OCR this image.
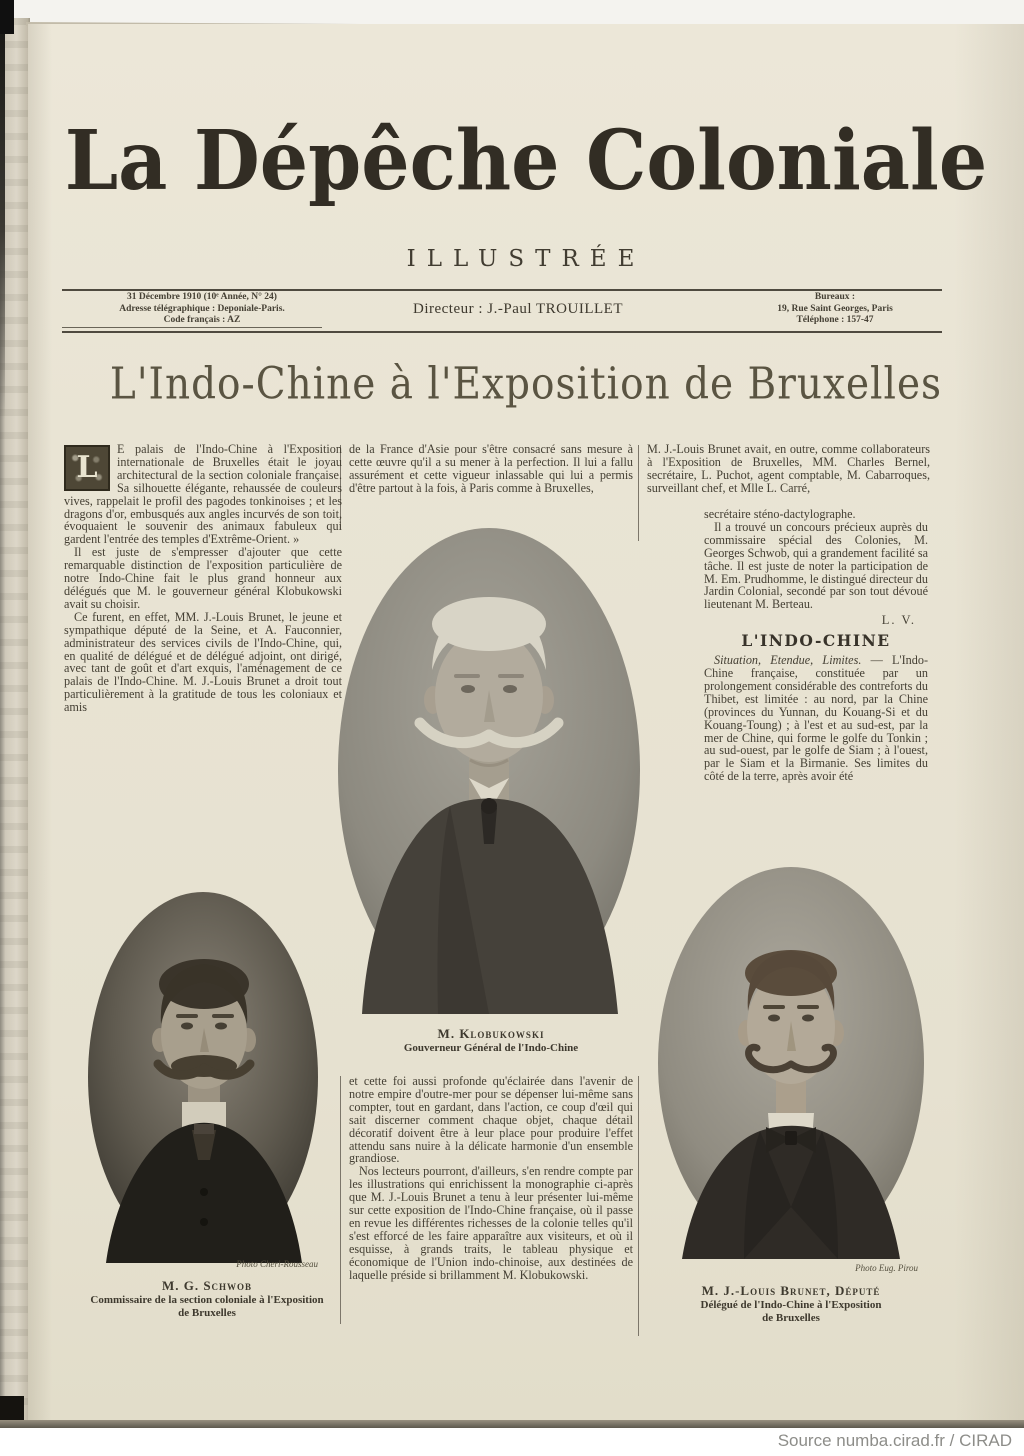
La Dépêche Coloniale
ILLUSTRÉE
31 Décembre 1910 (10ᵉ Année, N° 24)
Adresse télégraphique : Deponiale-Paris.
Code français : AZ
Directeur : J.-Paul TROUILLET
Bureaux :
19, Rue Saint Georges, Paris
Téléphone : 157-47
L'Indo-Chine à l'Exposition de Bruxelles

L
E palais de l'Indo-Chine à l'Exposition internationale de Bruxelles était le joyau architectural de la section coloniale française. Sa silhouette élégante, rehaussée de couleurs vives, rappelait le profil des pagodes tonkinoises ; et les dragons d'or, embusqués aux angles incurvés de son toit, évoquaient le souvenir des animaux fabuleux qui gardent l'entrée des temples d'Extrême-Orient. »

Il est juste de s'empresser d'ajouter que cette remarquable distinction de l'exposition particulière de notre Indo-Chine fait le plus grand honneur aux délégués que M. le gouverneur général Klobukowski avait su choisir.

Ce furent, en effet, MM. J.-Louis Brunet, le jeune et sympathique député de la Seine, et A. Fauconnier, administrateur des services civils de l'Indo-Chine, qui, en qualité de délégué et de délégué adjoint, ont dirigé, avec tant de goût et d'art exquis, l'aménagement de ce palais de l'Indo-Chine. M. J.-Louis Brunet a droit tout particulièrement à la gratitude de tous les coloniaux et amis

de la France d'Asie pour s'être consacré sans mesure à cette œuvre qu'il a su mener à la perfection. Il lui a fallu assurément et cette vigueur inlassable qui lui a permis d'être partout à la fois, à Paris comme à Bruxelles,

M. J.-Louis Brunet avait, en outre, comme collaborateurs à l'Exposition de Bruxelles, MM. Charles Bernel, secrétaire, L. Puchot, agent comptable, M. Cabarroques, surveillant chef, et Mlle L. Carré,

secrétaire sténo-dactylographe.

Il a trouvé un concours précieux auprès du commissaire spécial des Colonies, M. Georges Schwob, qui a grandement facilité sa tâche. Il est juste de noter la participation de M. Em. Prudhomme, le distingué directeur du Jardin Colonial, secondé par son tout dévoué lieutenant M. Berteau.

L. V.

L'INDO-CHINE

Situation, Etendue, Limites. — L'Indo-Chine française, constituée par un prolongement considérable des contreforts du Thibet, est limitée : au nord, par la Chine (provinces du Yunnan, du Kouang-Si et du Kouang-Toung) ; à l'est et au sud-est, par la mer de Chine, qui forme le golfe du Tonkin ; au sud-ouest, par le golfe de Siam ; à l'ouest, par le Siam et la Birmanie. Ses limites du côté de la terre, après avoir été

et cette foi aussi profonde qu'éclairée dans l'avenir de notre empire d'outre-mer pour se dépenser lui-même sans compter, tout en gardant, dans l'action, ce coup d'œil qui sait discerner comment chaque objet, chaque détail décoratif doivent être à leur place pour produire l'effet attendu sans nuire à la délicate harmonie d'un ensemble grandiose.

Nos lecteurs pourront, d'ailleurs, s'en rendre compte par les illustrations qui enrichissent la monographie ci-après que M. J.-Louis Brunet a tenu à leur présenter lui-même sur cette exposition de l'Indo-Chine française, où il passe en revue les différentes richesses de la colonie telles qu'il s'est efforcé de les faire apparaître aux visiteurs, et où il esquisse, à grands traits, le tableau physique et économique de l'Union indo-chinoise, aux destinées de laquelle préside si brillamment M. Klobukowski.

M. Klobukowski
Gouverneur Général de l'Indo-Chine
Photo Cheri-Rousseau
M. G. Schwob
Commissaire de la section coloniale à l'Exposition
de Bruxelles
Photo Eug. Pirou
M. J.-Louis Brunet, Député
Délégué de l'Indo-Chine à l'Exposition
de Bruxelles
Source numba.cirad.fr / CIRAD
